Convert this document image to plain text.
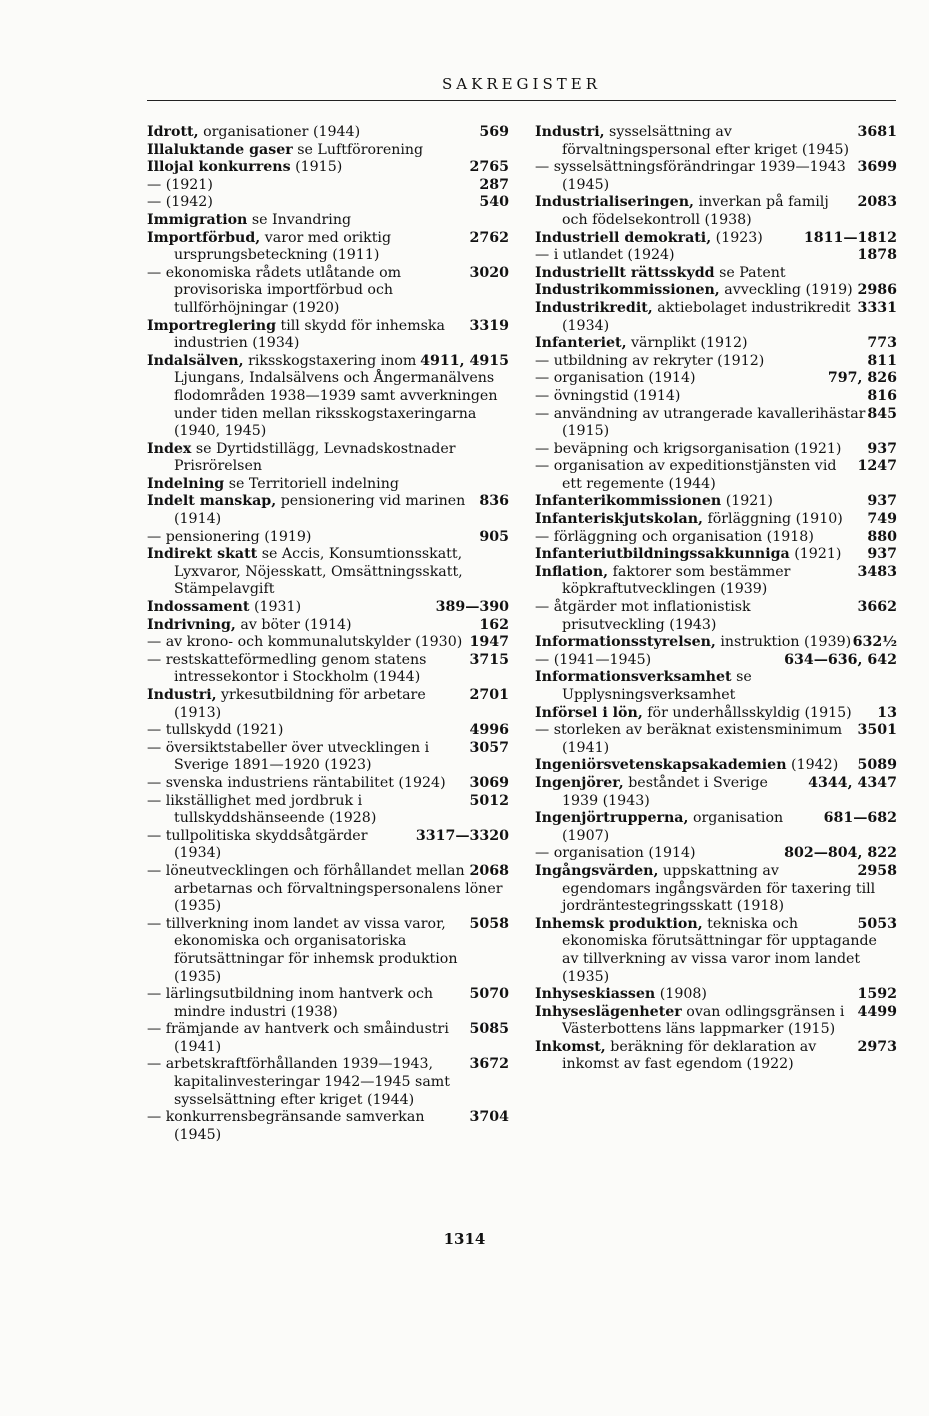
SAKREGISTER
569
Idrott, organisationer (1944)
Illaluktande gaser se Luftförorening
2765
Illojal konkurrens (1915)
287
— (1921)
540
— (1942)
Immigration se Invandring
2762
Importförbud, varor med oriktig ursprungsbeteckning (1911)
3020
— ekonomiska rådets utlåtande om provisoriska importförbud och tullförhöjningar (1920)
3319
Importreglering till skydd för inhemska industrien (1934)
4911, 4915
Indalsälven, riksskogstaxering inom Ljungans, Indalsälvens och Ångermanälvens flodområden 1938—1939 samt avverkningen under tiden mellan riksskogstaxeringarna (1940, 1945)
Index se Dyrtidstillägg, Levnadskostnader Prisrörelsen
Indelning se Territoriell indelning
836
Indelt manskap, pensionering vid marinen (1914)
905
— pensionering (1919)
Indirekt skatt se Accis, Konsumtionsskatt, Lyxvaror, Nöjesskatt, Omsättningsskatt, Stämpelavgift
389—390
Indossament (1931)
162
Indrivning, av böter (1914)
1947
— av krono- och kommunalutskylder (1930)
3715
— restskatteförmedling genom statens intressekontor i Stockholm (1944)
2701
Industri, yrkesutbildning för arbetare (1913)
4996
— tullskydd (1921)
3057
— översiktstabeller över utvecklingen i Sverige 1891—1920 (1923)
3069
— svenska industriens räntabilitet (1924)
5012
— likställighet med jordbruk i tullskyddshänseende (1928)
3317—3320
— tullpolitiska skyddsåtgärder (1934)
2068
— löneutvecklingen och förhållandet mellan arbetarnas och förvaltningspersonalens löner (1935)
5058
— tillverkning inom landet av vissa varor, ekonomiska och organisatoriska förutsättningar för inhemsk produktion (1935)
5070
— lärlingsutbildning inom hantverk och mindre industri (1938)
5085
— främjande av hantverk och småindustri (1941)
3672
— arbetskraftförhållanden 1939—1943, kapitalinvesteringar 1942—1945 samt sysselsättning efter kriget (1944)
3704
— konkurrensbegränsande samverkan (1945)
3681
Industri, sysselsättning av förvaltningspersonal efter kriget (1945)
3699
— sysselsättningsförändringar 1939—1943 (1945)
2083
Industrialiseringen, inverkan på familj och födelsekontroll (1938)
1811—1812
Industriell demokrati, (1923)
1878
— i utlandet (1924)
Industriellt rättsskydd se Patent
2986
Industrikommissionen, avveckling (1919)
3331
Industrikredit, aktiebolaget industrikredit (1934)
773
Infanteriet, värnplikt (1912)
811
— utbildning av rekryter (1912)
797, 826
— organisation (1914)
816
— övningstid (1914)
845
— användning av utrangerade kavallerihästar (1915)
937
— beväpning och krigsorganisation (1921)
1247
— organisation av expeditionstjänsten vid ett regemente (1944)
937
Infanterikommissionen (1921)
749
Infanteriskjutskolan, förläggning (1910)
880
— förläggning och organisation (1918)
937
Infanteriutbildningssakkunniga (1921)
3483
Inflation, faktorer som bestämmer köpkraftutvecklingen (1939)
3662
— åtgärder mot inflationistisk prisutveckling (1943)
632½
Informationsstyrelsen, instruktion (1939)
634—636, 642
— (1941—1945)
Informationsverksamhet se Upplysningsverksamhet
13
Införsel i lön, för underhållsskyldig (1915)
3501
— storleken av beräknat existensminimum (1941)
5089
Ingeniörsvetenskapsakademien (1942)
4344, 4347
Ingenjörer, beståndet i Sverige 1939 (1943)
681—682
Ingenjörtrupperna, organisation (1907)
802—804, 822
— organisation (1914)
2958
Ingångsvärden, uppskattning av egendomars ingångsvärden för taxering till jordräntestegringsskatt (1918)
5053
Inhemsk produktion, tekniska och ekonomiska förutsättningar för upptagande av tillverkning av vissa varor inom landet (1935)
1592
Inhyseskiassen (1908)
4499
Inhyseslägenheter ovan odlingsgränsen i Västerbottens läns lappmarker (1915)
2973
Inkomst, beräkning för deklaration av inkomst av fast egendom (1922)
1314
